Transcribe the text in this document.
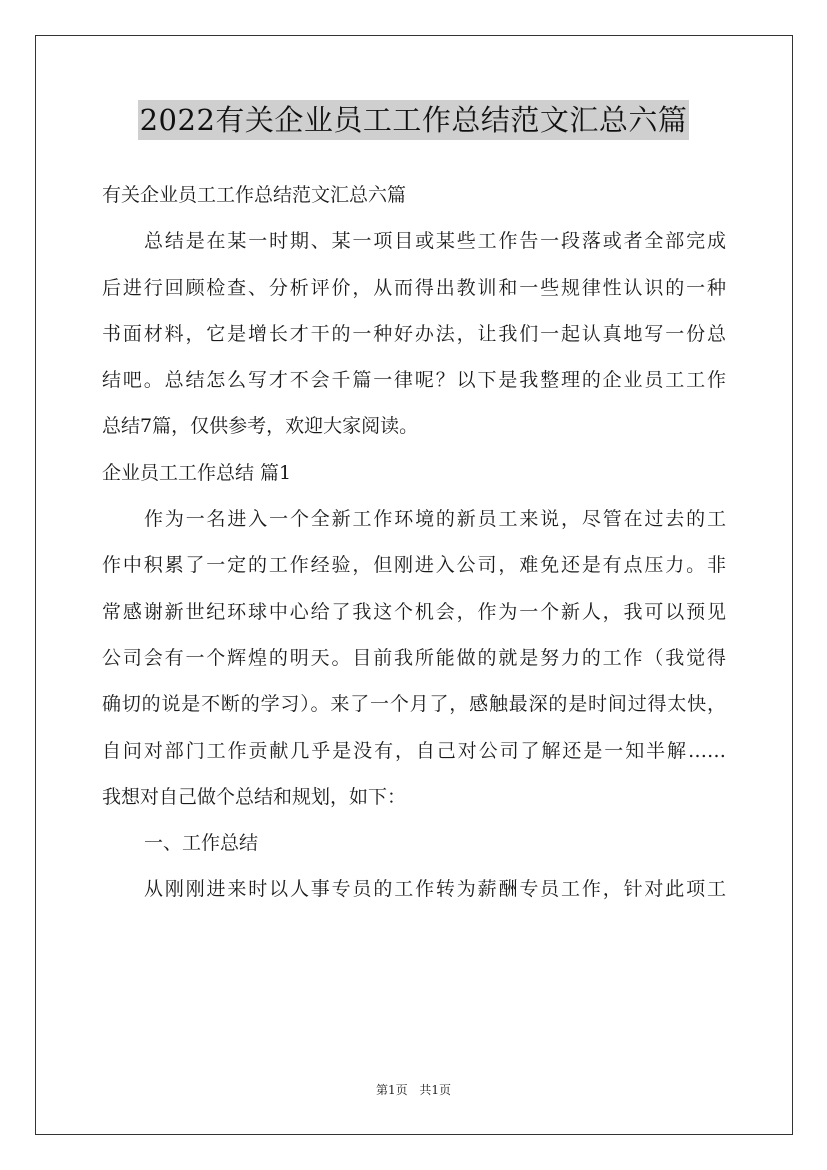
2022有关企业员工工作总结范文汇总六篇
有关企业员工工作总结范文汇总六篇
总结是在某一时期、某一项目或某些工作告一段落或者全部完成
后进行回顾检查、分析评价，从而得出教训和一些规律性认识的一种
书面材料，它是增长才干的一种好办法，让我们一起认真地写一份总
结吧。总结怎么写才不会千篇一律呢？以下是我整理的企业员工工作
总结7篇，仅供参考，欢迎大家阅读。
企业员工工作总结 篇1
作为一名进入一个全新工作环境的新员工来说，尽管在过去的工
作中积累了一定的工作经验，但刚进入公司，难免还是有点压力。非
常感谢新世纪环球中心给了我这个机会，作为一个新人，我可以预见
公司会有一个辉煌的明天。目前我所能做的就是努力的工作（我觉得
确切的说是不断的学习）。来了一个月了，感触最深的是时间过得太快，
自问对部门工作贡献几乎是没有，自己对公司了解还是一知半解……
我想对自己做个总结和规划，如下：
一、工作总结
从刚刚进来时以人事专员的工作转为薪酬专员工作，针对此项工
第1页 共1页
